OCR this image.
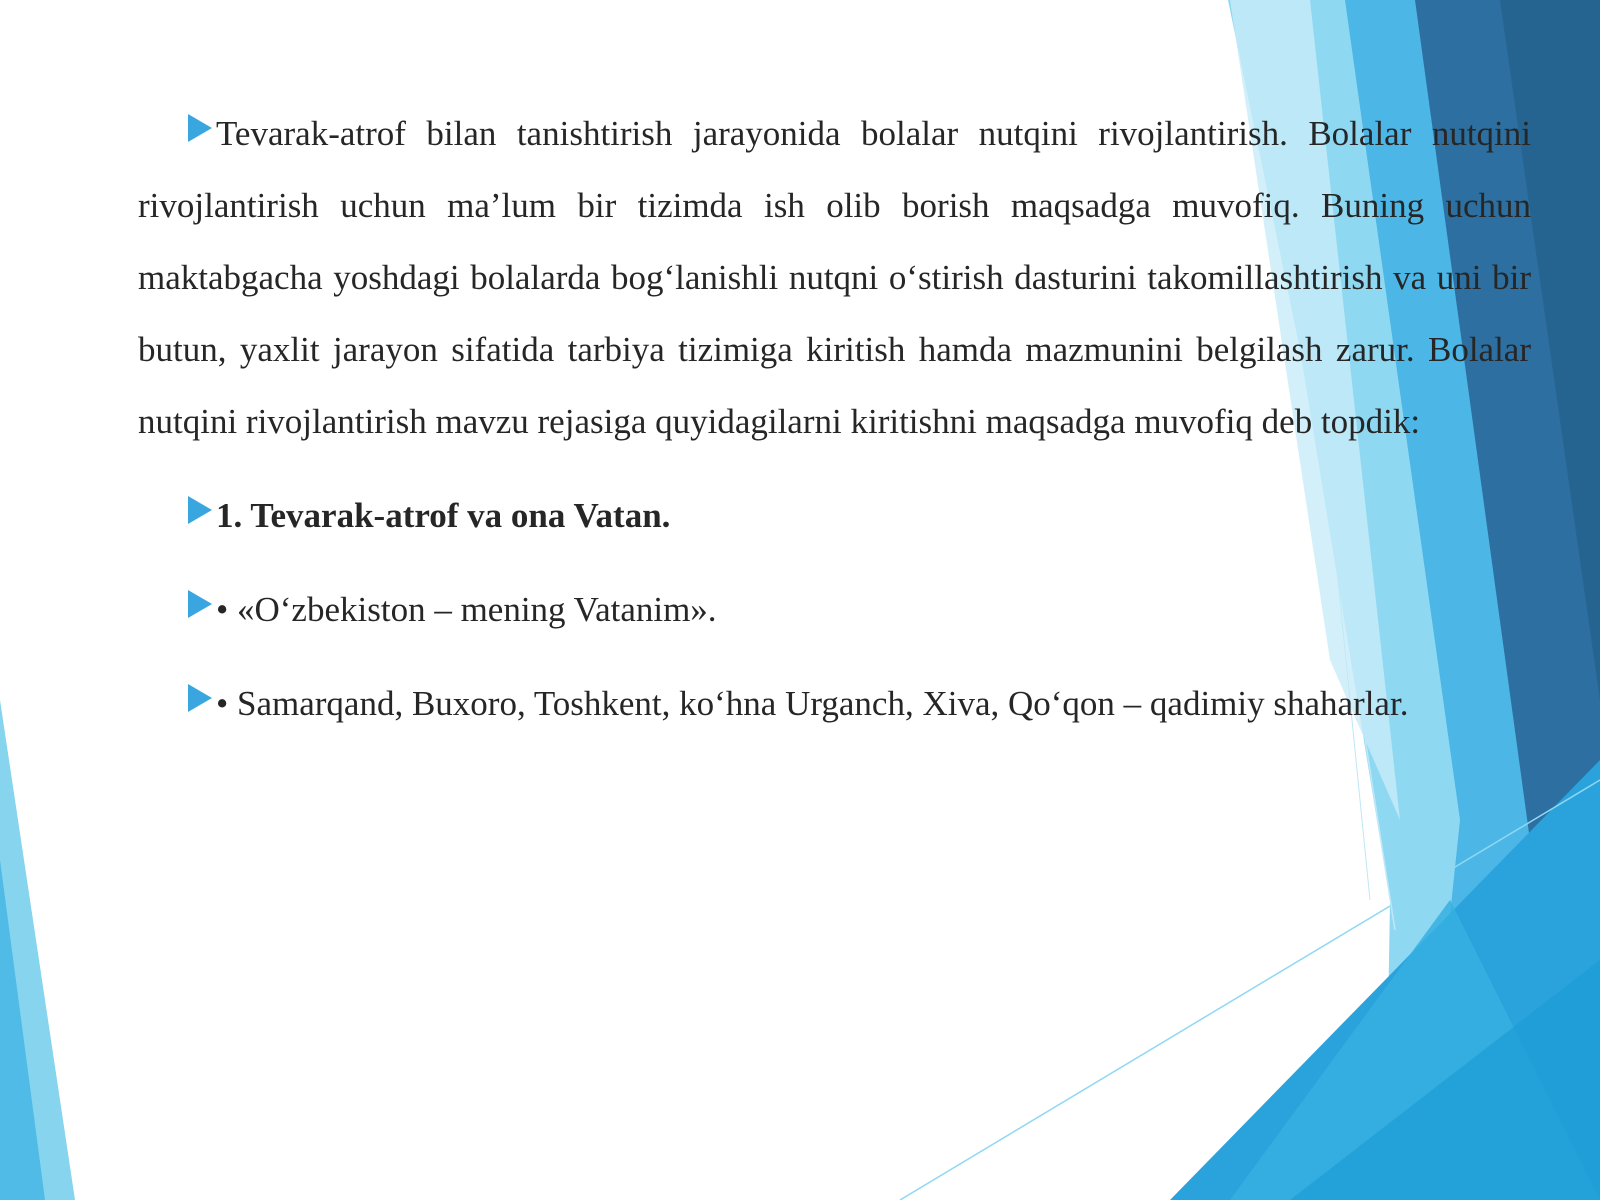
Tevarak-atrof bilan tanishtirish jarayonida bolalar nutqini rivojlantirish. Bolalar nutqini rivojlantirish uchun ma’lum bir tizimda ish olib borish maqsadga muvofiq. Buning uchun maktabgacha yoshdagi bolalarda bog‘lanishli nutqni o‘stirish dasturini takomillashtirish va uni bir butun, yaxlit jarayon sifatida tarbiya tizimiga kiritish hamda mazmunini belgilash zarur. Bolalar nutqini rivojlantirish mavzu rejasiga quyidagilarni kiritishni maqsadga muvofiq deb topdik:

1. Tevarak-atrof va ona Vatan.

• «O‘zbekiston – mening Vatanim».

• Samarqand, Buxoro, Toshkent, ko‘hna Urganch, Xiva, Qo‘qon – qadimiy shaharlar.
